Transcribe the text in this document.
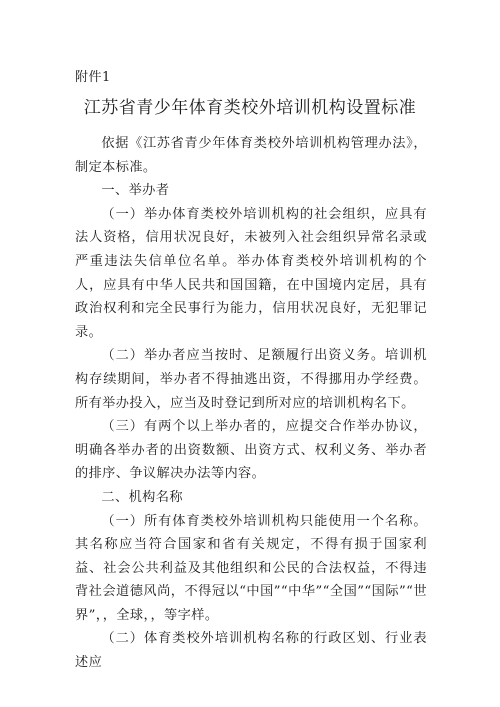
附件1
江苏省青少年体育类校外培训机构设置标准

依据《江苏省青少年体育类校外培训机构管理办法》，制定本标准。

一、举办者

（一）举办体育类校外培训机构的社会组织，应具有法人资格，信用状况良好，未被列入社会组织异常名录或严重违法失信单位名单。举办体育类校外培训机构的个人，应具有中华人民共和国国籍，在中国境内定居，具有政治权利和完全民事行为能力，信用状况良好，无犯罪记录。

（二）举办者应当按时、足额履行出资义务。培训机构存续期间，举办者不得抽逃出资，不得挪用办学经费。所有举办投入，应当及时登记到所对应的培训机构名下。

（三）有两个以上举办者的，应提交合作举办协议，明确各举办者的出资数额、出资方式、权利义务、举办者的排序、争议解决办法等内容。

二、机构名称

（一）所有体育类校外培训机构只能使用一个名称。其名称应当符合国家和省有关规定，不得有损于国家利益、社会公共利益及其他组织和公民的合法权益，不得违背社会道德风尚，不得冠以“中国”“中华”“全国”“国际”“世界”，，全球，，等字样。

（二）体育类校外培训机构名称的行政区划、行业表述应
